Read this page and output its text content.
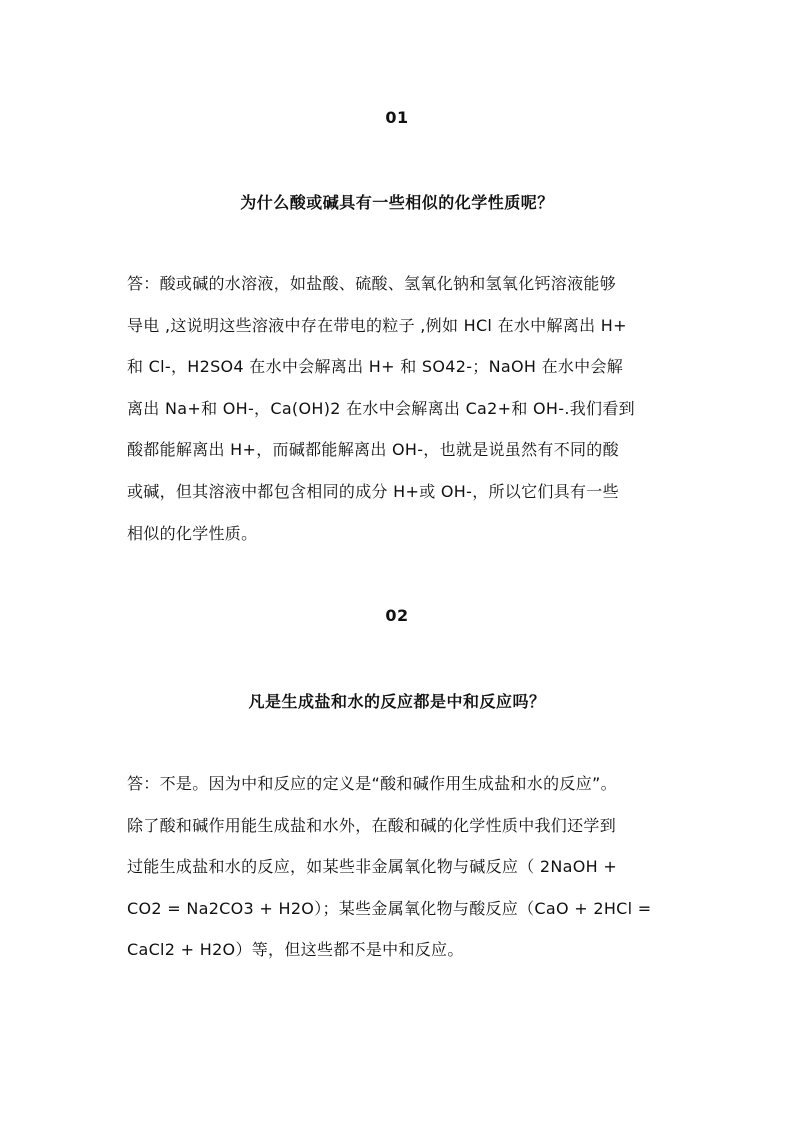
01
为什么酸或碱具有一些相似的化学性质呢？
答：酸或碱的水溶液，如盐酸、硫酸、氢氧化钠和氢氧化钙溶液能够
导电 ,这说明这些溶液中存在带电的粒子 ,例如 HCl 在水中解离出 H+
和 Cl-，H2SO4 在水中会解离出 H+ 和 SO42-；NaOH 在水中会解
离出 Na+和 OH-，Ca(OH)2 在水中会解离出 Ca2+和 OH-.我们看到
酸都能解离出 H+，而碱都能解离出 OH-，也就是说虽然有不同的酸
或碱，但其溶液中都包含相同的成分 H+或 OH-，所以它们具有一些
相似的化学性质。
02
凡是生成盐和水的反应都是中和反应吗？
答：不是。因为中和反应的定义是“酸和碱作用生成盐和水的反应”。
除了酸和碱作用能生成盐和水外，在酸和碱的化学性质中我们还学到
过能生成盐和水的反应，如某些非金属氧化物与碱反应（ 2NaOH +
CO2 = Na2CO3 + H2O）；某些金属氧化物与酸反应（CaO + 2HCl =
CaCl2 + H2O）等，但这些都不是中和反应。
